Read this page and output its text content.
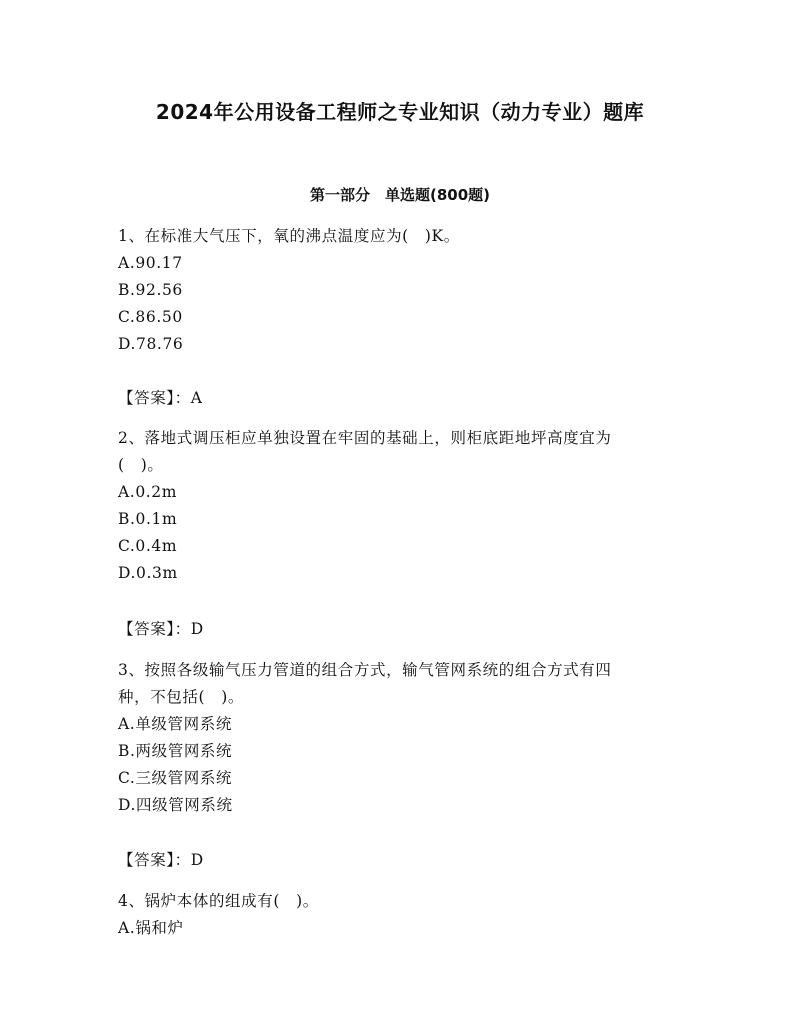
2024年公用设备工程师之专业知识（动力专业）题库
第一部分　单选题(800题)
1、在标准大气压下，氧的沸点温度应为(　)K。
A.90.17
B.92.56
C.86.50
D.78.76
【答案】：A
2、落地式调压柜应单独设置在牢固的基础上，则柜底距地坪高度宜为
(　)。
A.0.2m
B.0.1m
C.0.4m
D.0.3m
【答案】：D
3、按照各级输气压力管道的组合方式，输气管网系统的组合方式有四
种，不包括(　)。
A.单级管网系统
B.两级管网系统
C.三级管网系统
D.四级管网系统
【答案】：D
4、锅炉本体的组成有(　)。
A.锅和炉
